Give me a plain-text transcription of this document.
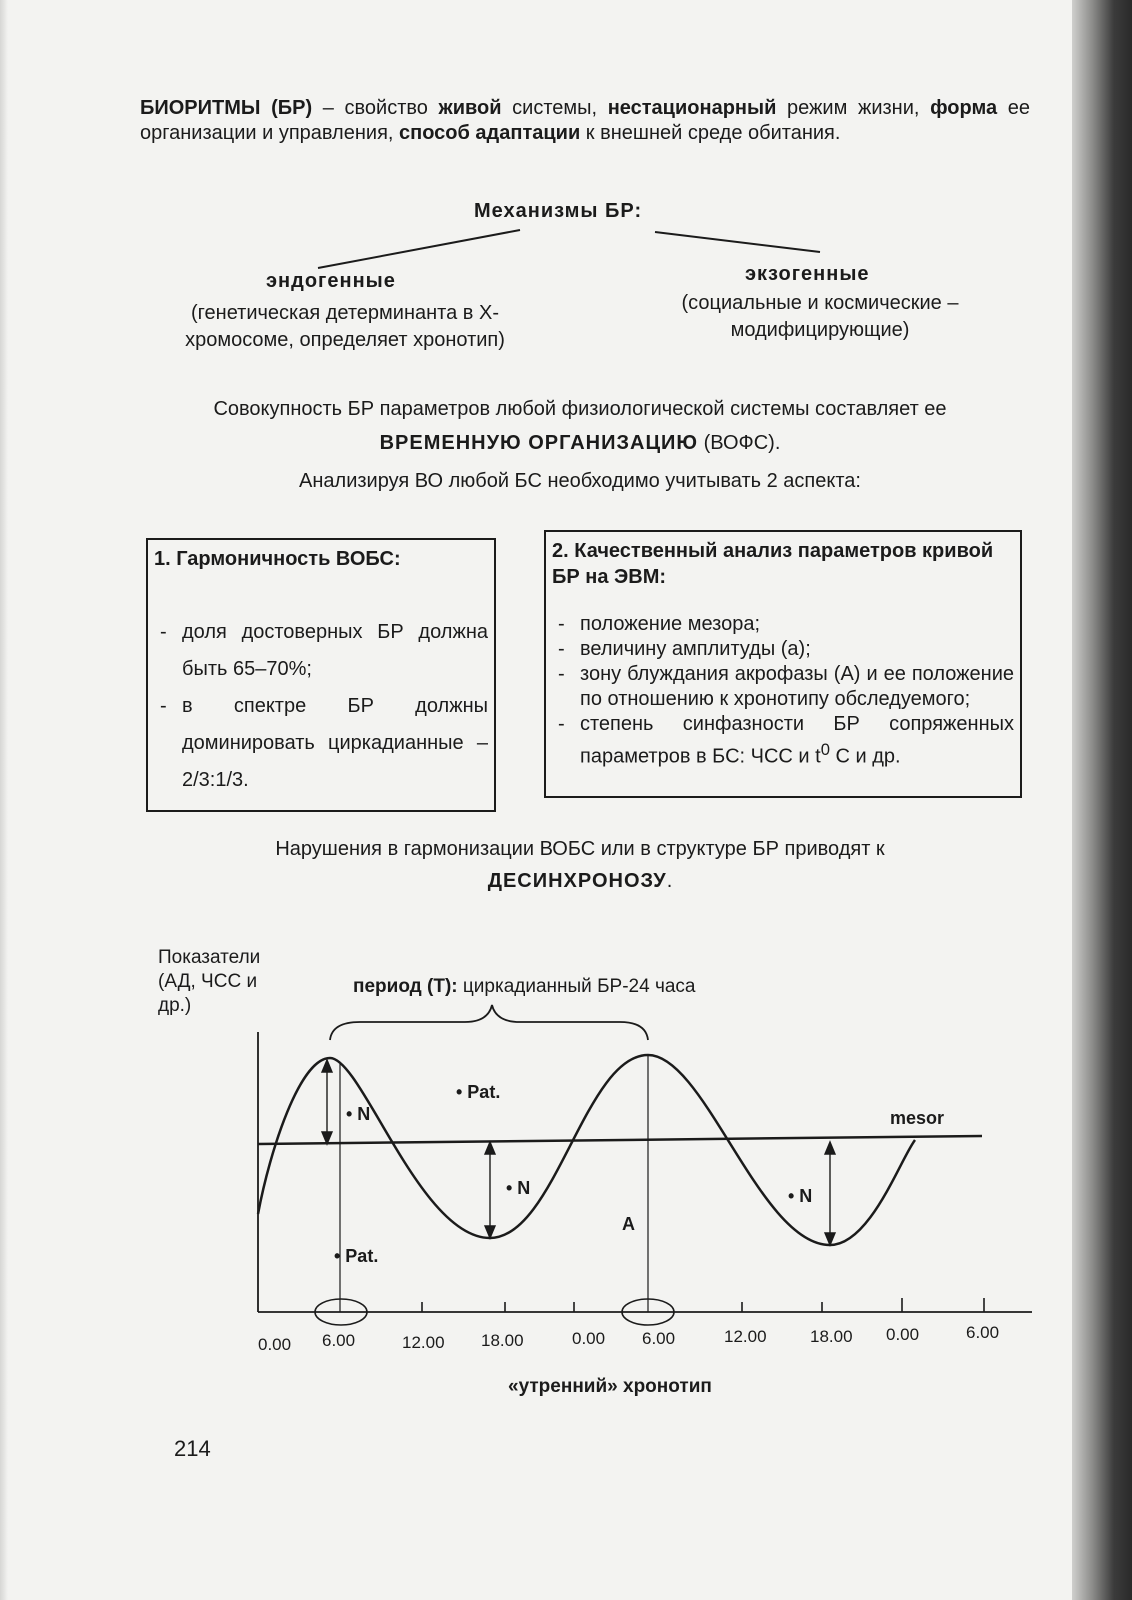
БИОРИТМЫ (БР) – свойство живой системы, нестационарный режим жизни, форма ее организации и управления, способ адаптации к внешней среде обитания.
Механизмы БР:
эндогенные
(генетическая детерминанта в X-хромосоме, определяет хронотип)
экзогенные
(социальные и космические – модифицирующие)
Совокупность БР параметров любой физиологической системы составляет ее
ВРЕМЕННУЮ ОРГАНИЗАЦИЮ (ВОФС).
Анализируя ВО любой БС необходимо учитывать 2 аспекта:
1. Гармоничность ВОБС:
- доля достоверных БР должна быть 65–70%;
- в спектре БР должны доминировать циркадианные – 2/3:1/3.
2. Качественный анализ параметров кривой БР на ЭВМ:
- положение мезора;
- величину амплитуды (а);
- зону блуждания акрофазы (А) и ее положение по отношению к хронотипу обследуемого;
- степень синфазности БР сопряженных параметров в БС: ЧСС и $t^0$ С и др.
Нарушения в гармонизации ВОБС или в структуре БР приводят к
ДЕСИНХРОНОЗУ.
Показатели (АД, ЧСС и др.)
период (Т): циркадианный БР-24 часа
0.00 6.00	12.00 18.00	0.00 6.00	12.00	18.00 0.00	6.00
• Pat.
• N
• N	• N
• Pat.
A
mesor
«утренний» хронотип
214
